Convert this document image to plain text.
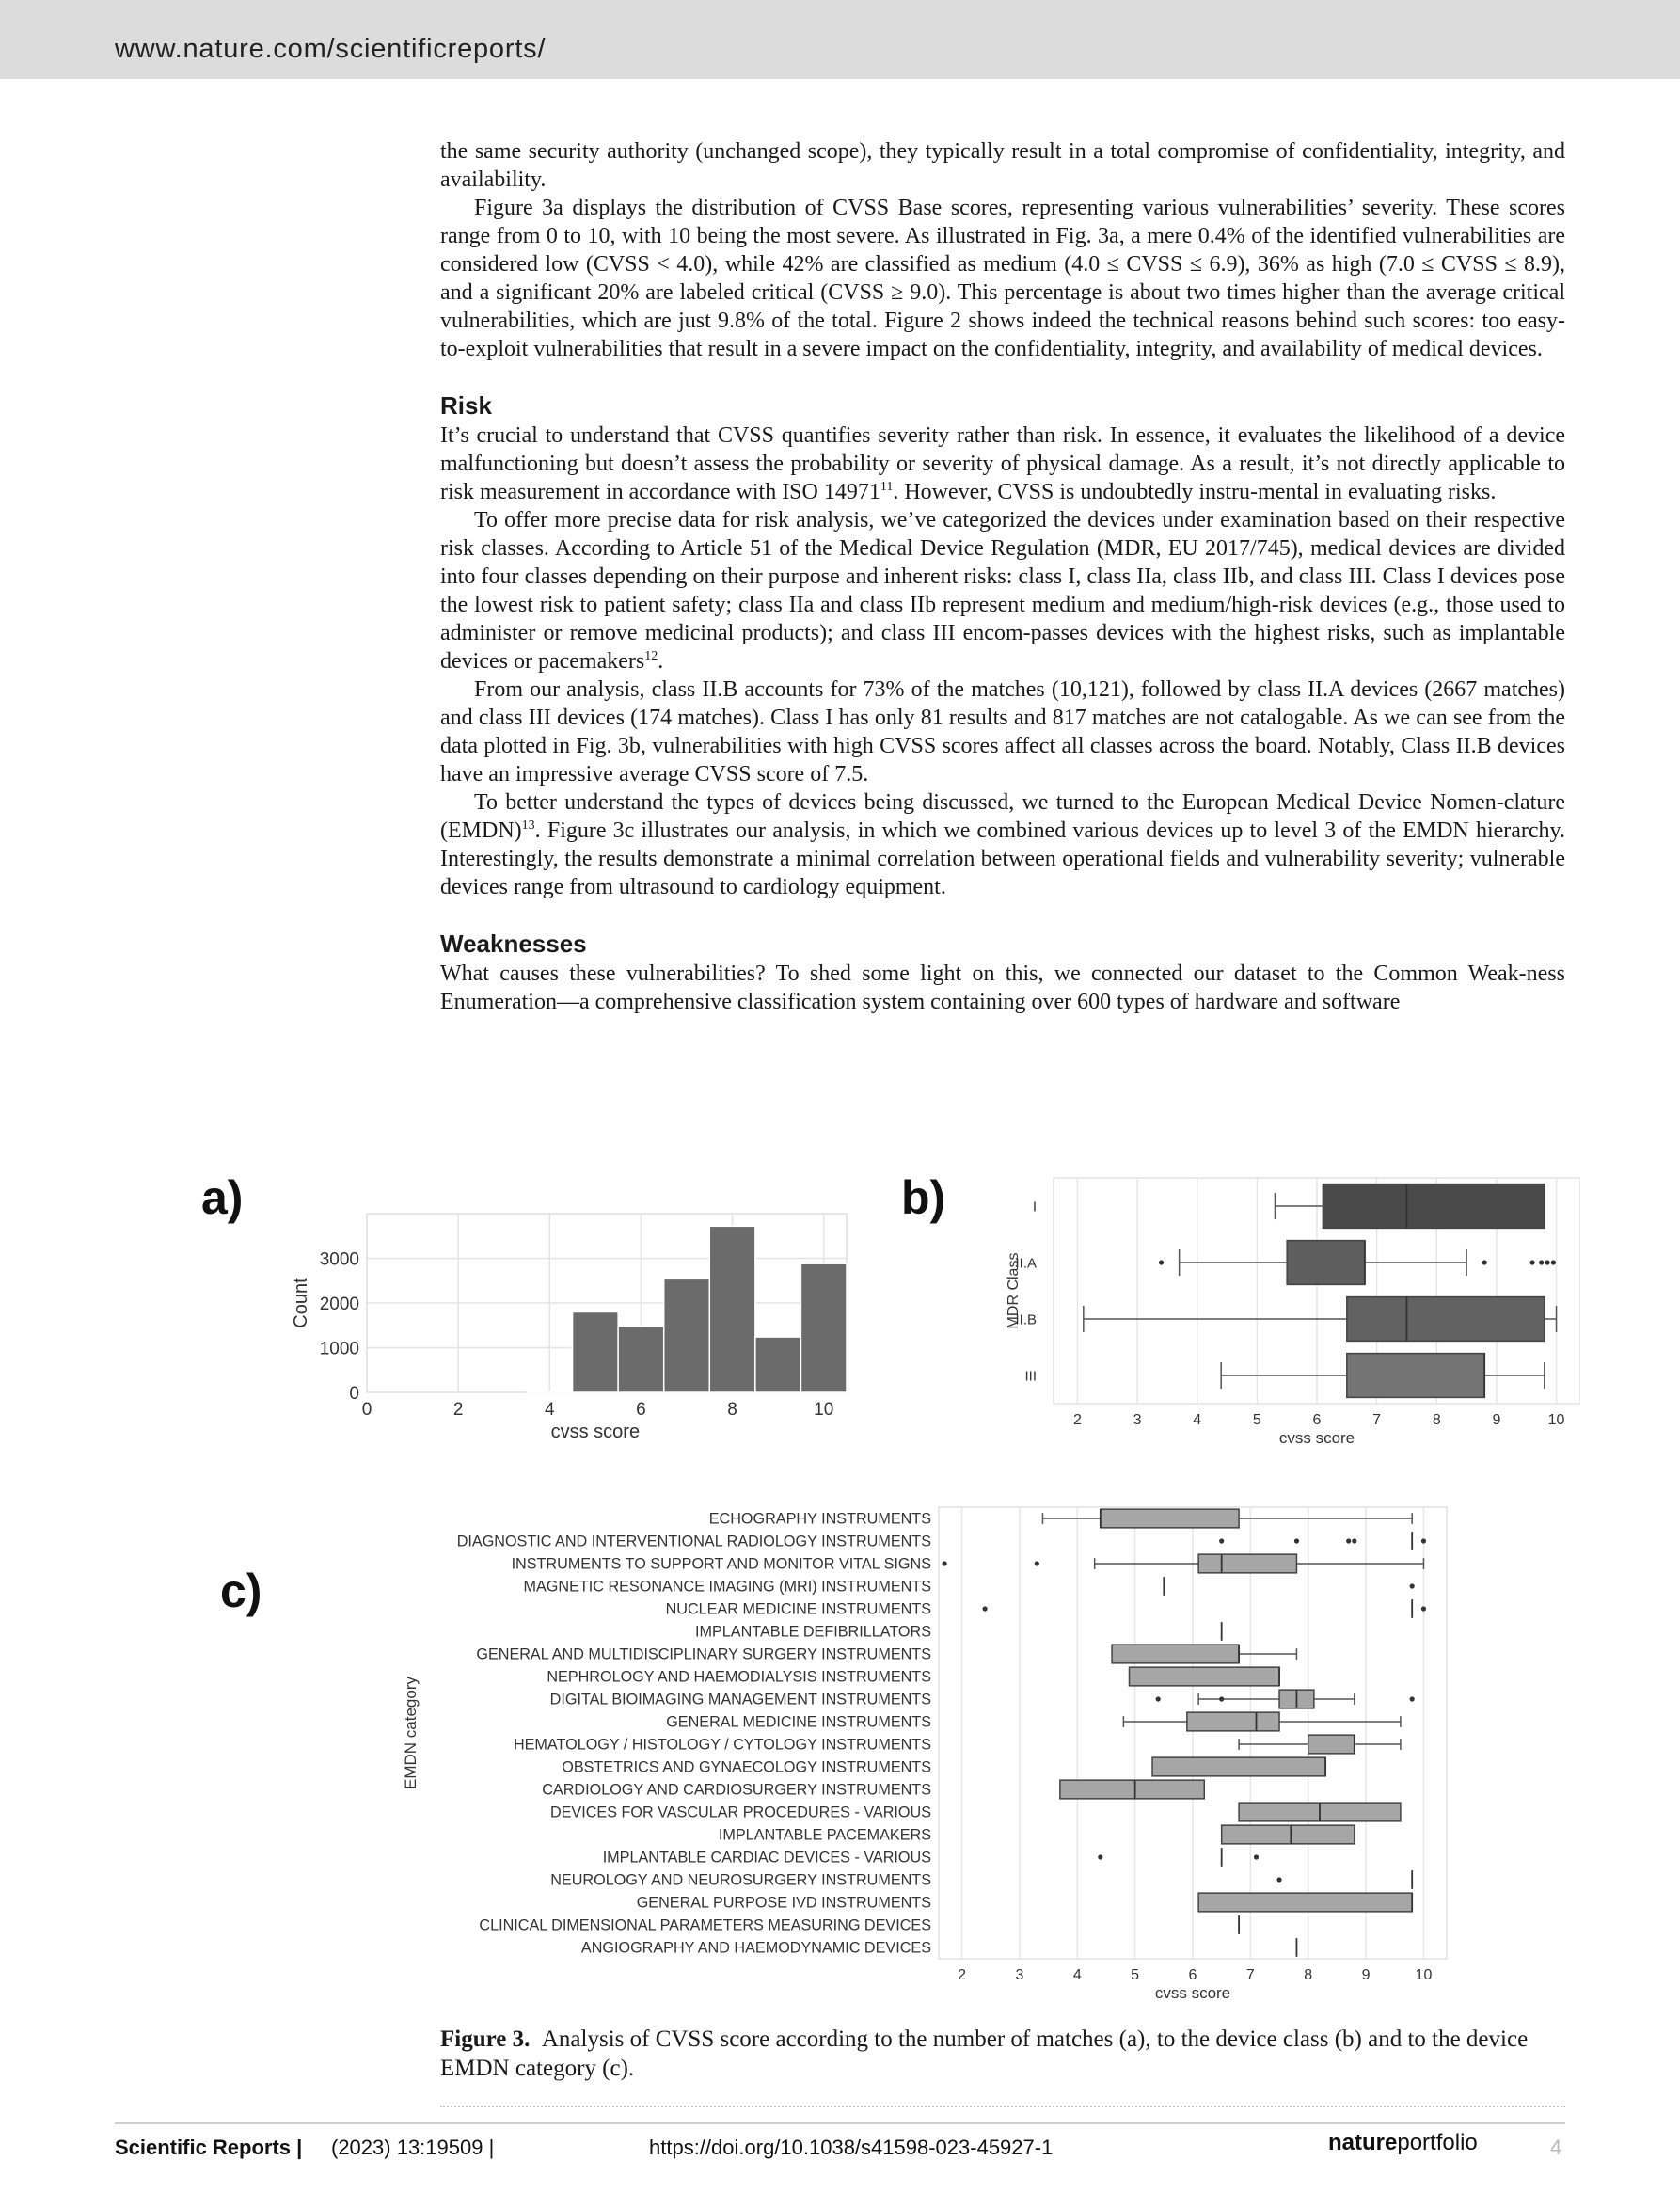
www.nature.com/scientificreports/

the same security authority (unchanged scope), they typically result in a total compromise of confidentiality, integrity, and availability.

Figure 3a displays the distribution of CVSS Base scores, representing various vulnerabilities’ severity. These scores range from 0 to 10, with 10 being the most severe. As illustrated in Fig. 3a, a mere 0.4% of the identified vulnerabilities are considered low (CVSS < 4.0), while 42% are classified as medium (4.0 ≤ CVSS ≤ 6.9), 36% as high (7.0 ≤ CVSS ≤ 8.9), and a significant 20% are labeled critical (CVSS ≥ 9.0). This percentage is about two times higher than the average critical vulnerabilities, which are just 9.8% of the total. Figure 2 shows indeed the technical reasons behind such scores: too easy-to-exploit vulnerabilities that result in a severe impact on the confidentiality, integrity, and availability of medical devices.

Risk

It’s crucial to understand that CVSS quantifies severity rather than risk. In essence, it evaluates the likelihood of a device malfunctioning but doesn’t assess the probability or severity of physical damage. As a result, it’s not directly applicable to risk measurement in accordance with ISO 14971$^{11}$. However, CVSS is undoubtedly instru-mental in evaluating risks.

To offer more precise data for risk analysis, we’ve categorized the devices under examination based on their respective risk classes. According to Article 51 of the Medical Device Regulation (MDR, EU 2017/745), medical devices are divided into four classes depending on their purpose and inherent risks: class I, class IIa, class IIb, and class III. Class I devices pose the lowest risk to patient safety; class IIa and class IIb represent medium and medium/high-risk devices (e.g., those used to administer or remove medicinal products); and class III encom-passes devices with the highest risks, such as implantable devices or pacemakers$^{12}$.

From our analysis, class II.B accounts for 73% of the matches (10,121), followed by class II.A devices (2667 matches) and class III devices (174 matches). Class I has only 81 results and 817 matches are not catalogable. As we can see from the data plotted in Fig. 3b, vulnerabilities with high CVSS scores affect all classes across the board. Notably, Class II.B devices have an impressive average CVSS score of 7.5.

To better understand the types of devices being discussed, we turned to the European Medical Device Nomen-clature (EMDN)$^{13}$. Figure 3c illustrates our analysis, in which we combined various devices up to level 3 of the EMDN hierarchy. Interestingly, the results demonstrate a minimal correlation between operational fields and vulnerability severity; vulnerable devices range from ultrasound to cardiology equipment.

Weaknesses

What causes these vulnerabilities? To shed some light on this, we connected our dataset to the Common Weak-ness Enumeration—a comprehensive classification system containing over 600 types of hardware and software

a)	b)
c)
0	2	4	6	8	10
0
1000
2000
3000
cvss score
Count
I
II.A
II.B
III
2	3	4	5	6	7	8	9	10
cvss score
MDR Class
ECHOGRAPHY INSTRUMENTS
DIAGNOSTIC AND INTERVENTIONAL RADIOLOGY INSTRUMENTS
INSTRUMENTS TO SUPPORT AND MONITOR VITAL SIGNS
MAGNETIC RESONANCE IMAGING (MRI) INSTRUMENTS
NUCLEAR MEDICINE INSTRUMENTS
IMPLANTABLE DEFIBRILLATORS
GENERAL AND MULTIDISCIPLINARY SURGERY INSTRUMENTS
NEPHROLOGY AND HAEMODIALYSIS INSTRUMENTS
DIGITAL BIOIMAGING MANAGEMENT INSTRUMENTS
GENERAL MEDICINE INSTRUMENTS
HEMATOLOGY / HISTOLOGY / CYTOLOGY INSTRUMENTS
OBSTETRICS AND GYNAECOLOGY INSTRUMENTS
CARDIOLOGY AND CARDIOSURGERY INSTRUMENTS
DEVICES FOR VASCULAR PROCEDURES - VARIOUS
IMPLANTABLE PACEMAKERS
IMPLANTABLE CARDIAC DEVICES - VARIOUS
NEUROLOGY AND NEUROSURGERY INSTRUMENTS
GENERAL PURPOSE IVD INSTRUMENTS
CLINICAL DIMENSIONAL PARAMETERS MEASURING DEVICES
ANGIOGRAPHY AND HAEMODYNAMIC DEVICES
2	3	4	5	6	7	8	9	10
cvss score
EMDN category
Figure 3. Analysis of CVSS score according to the number of matches (a), to the device class (b) and to the device EMDN category (c).
Scientific Reports | (2023) 13:19509 |	https://doi.org/10.1038/s41598-023-45927-1	natureportfolio	4
